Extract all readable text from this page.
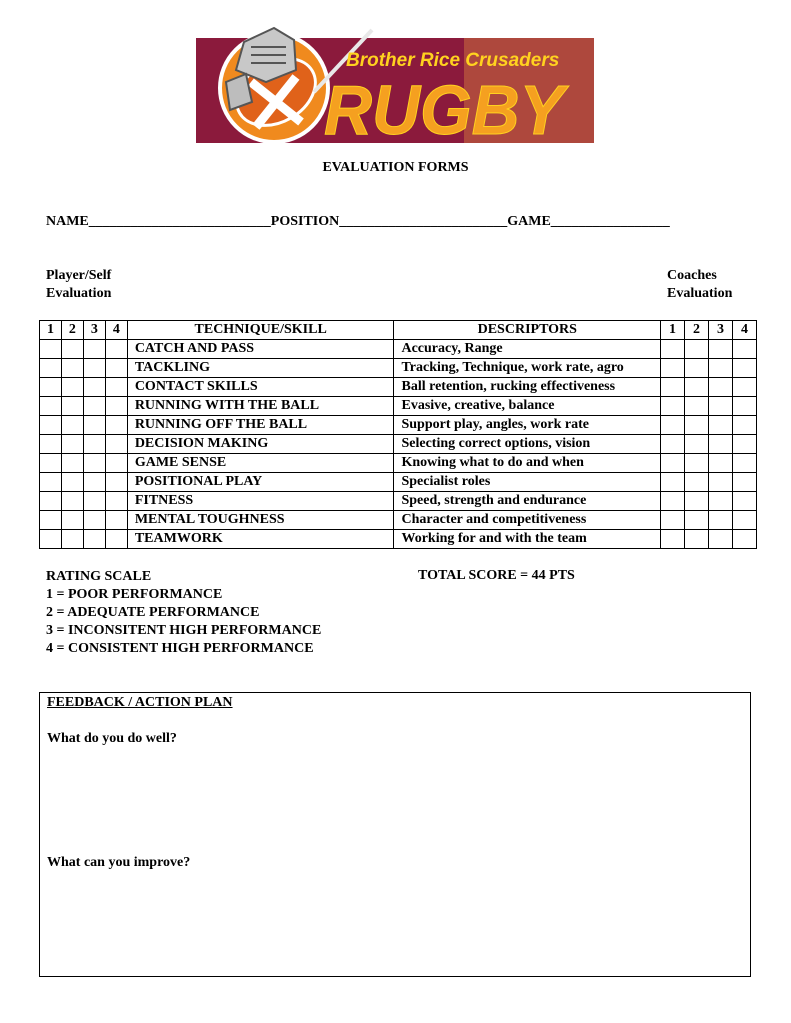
Brother Rice Crusaders
RUGBY
EVALUATION FORMS
NAME__________________________POSITION________________________GAME_________________
Player/Self
Evaluation
Coaches
Evaluation
1	2	3	4	TECHNIQUE/SKILL	DESCRIPTORS	1	2	3	4
				CATCH AND PASS	Accuracy, Range				
				TACKLING	Tracking, Technique, work rate, agro				
				CONTACT SKILLS	Ball retention, rucking effectiveness				
				RUNNING WITH THE BALL	Evasive, creative, balance				
				RUNNING OFF THE BALL	Support play, angles, work rate				
				DECISION MAKING	Selecting correct options, vision				
				GAME SENSE	Knowing what to do and when				
				POSITIONAL PLAY	Specialist roles				
				FITNESS	Speed, strength and endurance				
				MENTAL TOUGHNESS	Character and competitiveness				
				TEAMWORK	Working for and with the team				
RATING SCALE
1 = POOR PERFORMANCE
2 = ADEQUATE PERFORMANCE
3 = INCONSITENT HIGH PERFORMANCE
4 = CONSISTENT HIGH PERFORMANCE
TOTAL SCORE = 44 PTS
FEEDBACK / ACTION PLAN
What do you do well?
What can you improve?
